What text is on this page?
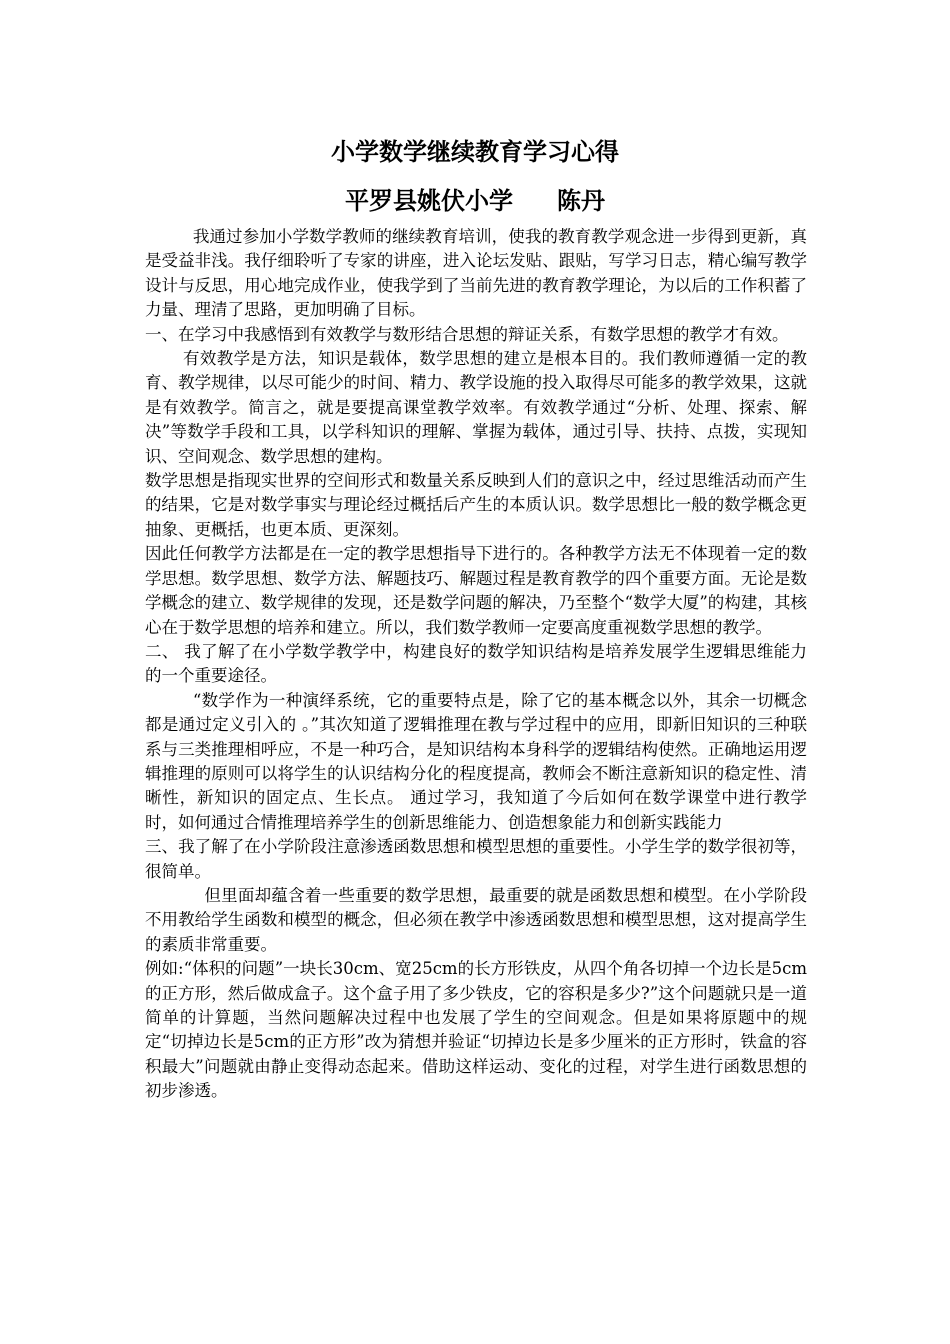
小学数学继续教育学习心得
平罗县姚伏小学 陈丹

我通过参加小学数学教师的继续教育培训，使我的教育教学观念进一步得到更新，真是受益非浅。我仔细聆听了专家的讲座，进入论坛发贴、跟贴，写学习日志，精心编写教学设计与反思，用心地完成作业，使我学到了当前先进的教育教学理论，为以后的工作积蓄了力量、理清了思路，更加明确了目标。

一、在学习中我感悟到有效教学与数形结合思想的辩证关系，有数学思想的教学才有效。

有效教学是方法，知识是载体，数学思想的建立是根本目的。我们教师遵循一定的教育、教学规律，以尽可能少的时间、精力、教学设施的投入取得尽可能多的教学效果，这就是有效教学。简言之，就是要提高课堂教学效率。有效教学通过“分析、处理、探索、解决”等数学手段和工具，以学科知识的理解、掌握为载体，通过引导、扶持、点拨，实现知识、空间观念、数学思想的建构。

数学思想是指现实世界的空间形式和数量关系反映到人们的意识之中，经过思维活动而产生的结果，它是对数学事实与理论经过概括后产生的本质认识。数学思想比一般的数学概念更抽象、更概括，也更本质、更深刻。

因此任何教学方法都是在一定的教学思想指导下进行的。各种教学方法无不体现着一定的数学思想。数学思想、数学方法、解题技巧、解题过程是教育教学的四个重要方面。无论是数学概念的建立、数学规律的发现，还是数学问题的解决，乃至整个“数学大厦”的构建，其核心在于数学思想的培养和建立。所以，我们数学教师一定要高度重视数学思想的教学。

二、 我了解了在小学数学教学中，构建良好的数学知识结构是培养发展学生逻辑思维能力的一个重要途径。

“数学作为一种演绎系统，它的重要特点是，除了它的基本概念以外，其余一切概念都是通过定义引入的 。”其次知道了逻辑推理在教与学过程中的应用，即新旧知识的三种联系与三类推理相呼应，不是一种巧合，是知识结构本身科学的逻辑结构使然。正确地运用逻辑推理的原则可以将学生的认识结构分化的程度提高，教师会不断注意新知识的稳定性、清晰性，新知识的固定点、生长点。 通过学习，我知道了今后如何在数学课堂中进行教学时，如何通过合情推理培养学生的创新思维能力、创造想象能力和创新实践能力

三、我了解了在小学阶段注意渗透函数思想和模型思想的重要性。小学生学的数学很初等，很简单。

但里面却蕴含着一些重要的数学思想，最重要的就是函数思想和模型。在小学阶段不用教给学生函数和模型的概念，但必须在教学中渗透函数思想和模型思想，这对提高学生的素质非常重要。

例如:“体积的问题”一块长30cm、宽25cm的长方形铁皮，从四个角各切掉一个边长是5cm的正方形，然后做成盒子。这个盒子用了多少铁皮，它的容积是多少?”这个问题就只是一道简单的计算题，当然问题解决过程中也发展了学生的空间观念。但是如果将原题中的规定“切掉边长是5cm的正方形”改为猜想并验证“切掉边长是多少厘米的正方形时，铁盒的容积最大”问题就由静止变得动态起来。借助这样运动、变化的过程，对学生进行函数思想的初步渗透。
